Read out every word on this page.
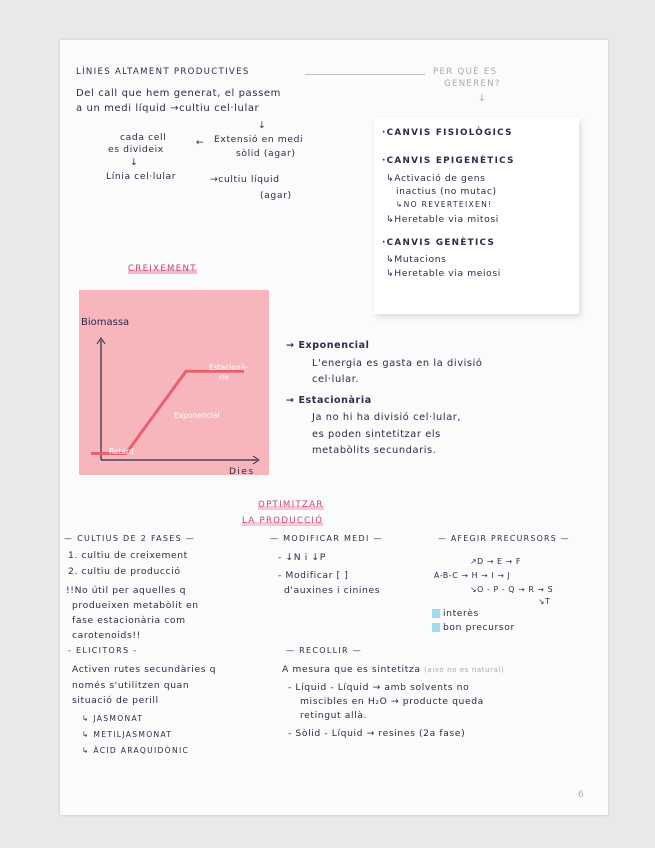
LÍNIES ALTAMENT PRODUCTIVES	PER QUÈ ES
GENEREN?
↓
Del call que hem generat, el passem
a un medi líquid →cultiu cel·lular
↓
cada cell
es divideix
← Extensió en medi
sòlid (agar)
↓
Línia cel·lular	→cultiu líquid
(agar)
CREIXEMENT
Biomassa
Dies
Retard
Exponencial
Estacionà-
ria
→ Exponencial
L'energia es gasta en la divisió
cel·lular.
→ Estacionària
Ja no hi ha divisió cel·lular,
es poden sintetitzar els
metabòlits secundaris.
·CANVIS FISIOLÒGICS
·CANVIS EPIGENÈTICS
↳Activació de gens
inactius (no mutac)
↳NO REVERTEIXEN!
↳Heretable via mitosi
·CANVIS GENÈTICS
↳Mutacions
↳Heretable via meiosi
OPTIMITZAR
LA PRODUCCIÓ
— CULTIUS DE 2 FASES —
1. cultiu de creixement
2. cultiu de producció
!!No útil per aquelles q
produeixen metabòlit en
fase estacionària com
carotenoids!!
— MODIFICAR MEDI —
- ↓N i ↓P
- Modificar [ ]
d'auxines i cinines
— AFEGIR PRECURSORS —
↗D → E → F
A-B-C → H → I → J
↘O - P - Q → R → S
↘T
interès
bon precursor
- ELICITORS -
Activen rutes secundàries q
només s'utilitzen quan
situació de perill
↳ JASMONAT
↳ METILJASMONAT
↳ ÀCID ARAQUIDÒNIC
— RECOLLIR —
A mesura que es sintetitza (això no es natural)
- Líquid - Líquid → amb solvents no
miscibles en H₂O → producte queda
retingut allà.
- Sòlid - Líquid → resines (2a fase)
6
